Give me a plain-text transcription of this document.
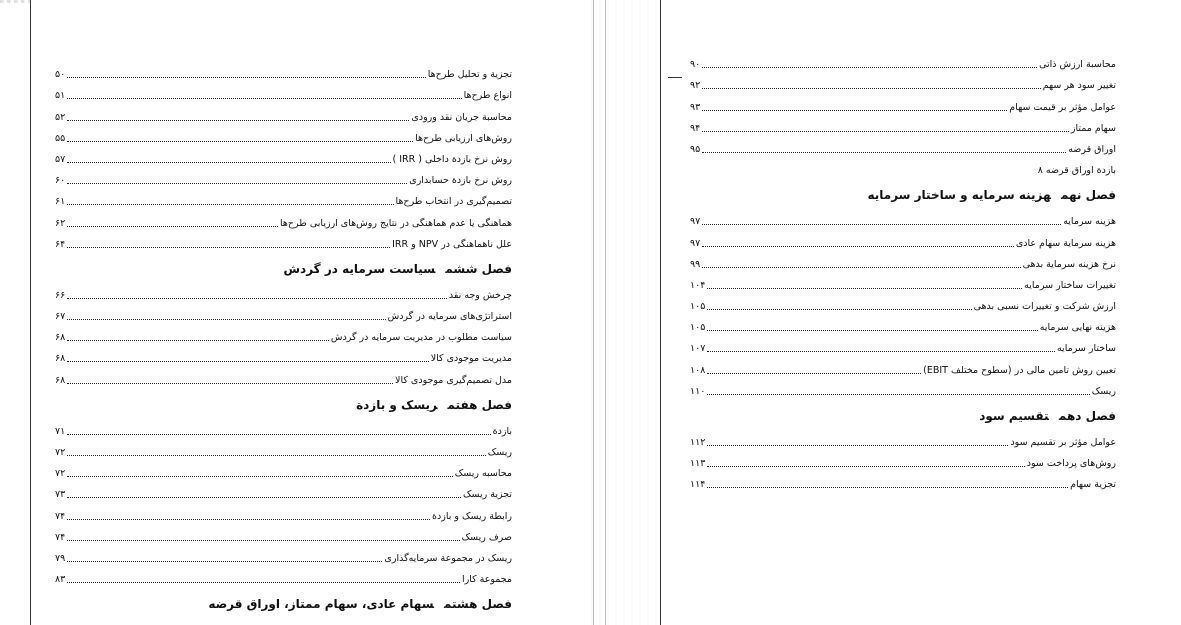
تجزیة و تحلیل طرح‌ها
۵۰
انواع طرح‌ها
۵۱
محاسبة جریان نقد ورودی
۵۲
روش‌های ارزیابی طرح‌ها
۵۵
روش نرخ بازدة داخلی ( IRR )
۵۷
روش نرخ بازدة حسابداری
۶۰
تصمیم‌گیری در انتخاب طرح‌ها
۶۱
هماهنگی یا عدم هماهنگی در نتایج روش‌های ارزیابی طرح‌ها
۶۲
علل ناهماهنگی در NPV و IRR
۶۴
فصل ششمسیاست سرمایه در گردش
چرخش وجه نقد
۶۶
استراتژی‌های سرمایه در گردش
۶۷
سیاست مطلوب در مدیریت سرمایه در گردش
۶۸
مدیریت موجودی کالا
۶۸
مدل تصمیم‌گیری موجودی کالا
۶۸
فصل هفتمریسک و بازدة
بازدة
۷۱
ریسک
۷۲
محاسبه ریسک
۷۲
تجزیة ریسک
۷۳
رابطة ریسک و بازدة
۷۴
صرف ریسک
۷۴
ریسک در مجموعة سرمایه‌گذاری
۷۹
مجموعة کارا
۸۳
فصل هشتمسهام عادی، سهام ممتاز، اوراق قرضه
محاسبة ارزش ذاتی
۹۰
تغییر سود هر سهم
۹۲
عوامل مؤثر بر قیمت سهام
۹۳
سهام ممتاز
۹۴
اوراق قرضه
۹۵
بازدة اوراق قرضه ۸
فصل نهمهزینه سرمایه و ساختار سرمایه
هزینه سرمایه
۹۷
هزینه سرمایة سهام عادی
۹۷
نرخ هزینه سرمایة بدهی
۹۹
تغییرات ساختار سرمایه
۱۰۴
ارزش شرکت و تغییرات نسبی بدهی
۱۰۵
هزینه نهایی سرمایه
۱۰۵
ساختار سرمایه
۱۰۷
تعیین روش تامین مالی در (سطوح مختلف EBIT)
۱۰۸
ریسک
۱۱۰
فصل دهمتقسیم سود
عوامل مؤثر بر تقسیم سود
۱۱۲
روش‌های پرداخت سود
۱۱۳
تجزیة سهام
۱۱۴
